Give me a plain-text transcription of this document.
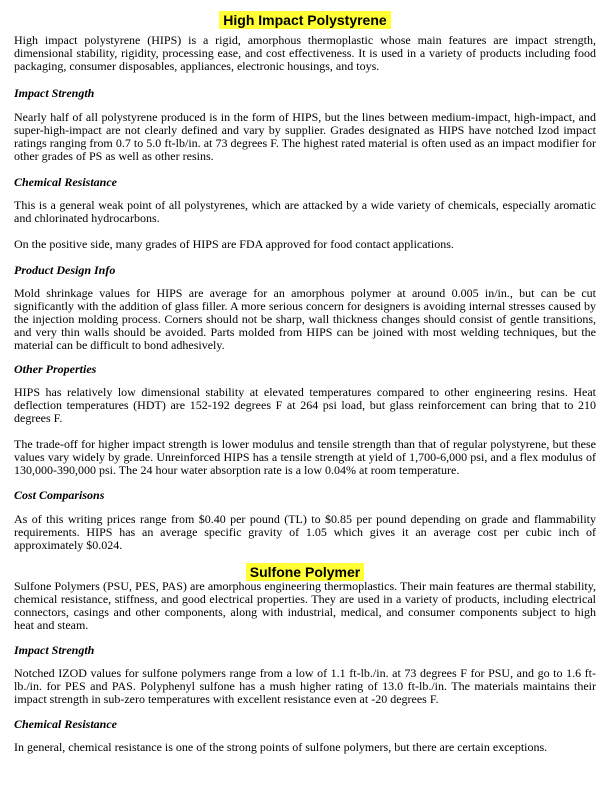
High Impact Polystyrene

High impact polystyrene (HIPS) is a rigid, amorphous thermoplastic whose main features are impact strength, dimensional stability, rigidity, processing ease, and cost effectiveness. It is used in a variety of products including food packaging, consumer disposables, appliances, electronic housings, and toys.

Impact Strength

Nearly half of all polystyrene produced is in the form of HIPS, but the lines between medium-impact, high-impact, and super-high-impact are not clearly defined and vary by supplier. Grades designated as HIPS have notched Izod impact ratings ranging from 0.7 to 5.0 ft-lb/in. at 73 degrees F. The highest rated material is often used as an impact modifier for other grades of PS as well as other resins.

Chemical Resistance

This is a general weak point of all polystyrenes, which are attacked by a wide variety of chemicals, especially aromatic and chlorinated hydrocarbons.

On the positive side, many grades of HIPS are FDA approved for food contact applications.

Product Design Info

Mold shrinkage values for HIPS are average for an amorphous polymer at around 0.005 in/in., but can be cut significantly with the addition of glass filler. A more serious concern for designers is avoiding internal stresses caused by the injection molding process. Corners should not be sharp, wall thickness changes should consist of gentle transitions, and very thin walls should be avoided. Parts molded from HIPS can be joined with most welding techniques, but the material can be difficult to bond adhesively.

Other Properties

HIPS has relatively low dimensional stability at elevated temperatures compared to other engineering resins. Heat deflection temperatures (HDT) are 152-192 degrees F at 264 psi load, but glass reinforcement can bring that to 210 degrees F.

The trade-off for higher impact strength is lower modulus and tensile strength than that of regular polystyrene, but these values vary widely by grade. Unreinforced HIPS has a tensile strength at yield of 1,700-6,000 psi, and a flex modulus of 130,000-390,000 psi. The 24 hour water absorption rate is a low 0.04% at room temperature.

Cost Comparisons

As of this writing prices range from $0.40 per pound (TL) to $0.85 per pound depending on grade and flammability requirements. HIPS has an average specific gravity of 1.05 which gives it an average cost per cubic inch of approximately $0.024.

Sulfone Polymer

Sulfone Polymers (PSU, PES, PAS) are amorphous engineering thermoplastics. Their main features are thermal stability, chemical resistance, stiffness, and good electrical properties. They are used in a variety of products, including electrical connectors, casings and other components, along with industrial, medical, and consumer components subject to high heat and steam.

Impact Strength

Notched IZOD values for sulfone polymers range from a low of 1.1 ft-lb./in. at 73 degrees F for PSU, and go to 1.6 ft-lb./in. for PES and PAS. Polyphenyl sulfone has a mush higher rating of 13.0 ft-lb./in. The materials maintains their impact strength in sub-zero temperatures with excellent resistance even at -20 degrees F.

Chemical Resistance

In general, chemical resistance is one of the strong points of sulfone polymers, but there are certain exceptions.
